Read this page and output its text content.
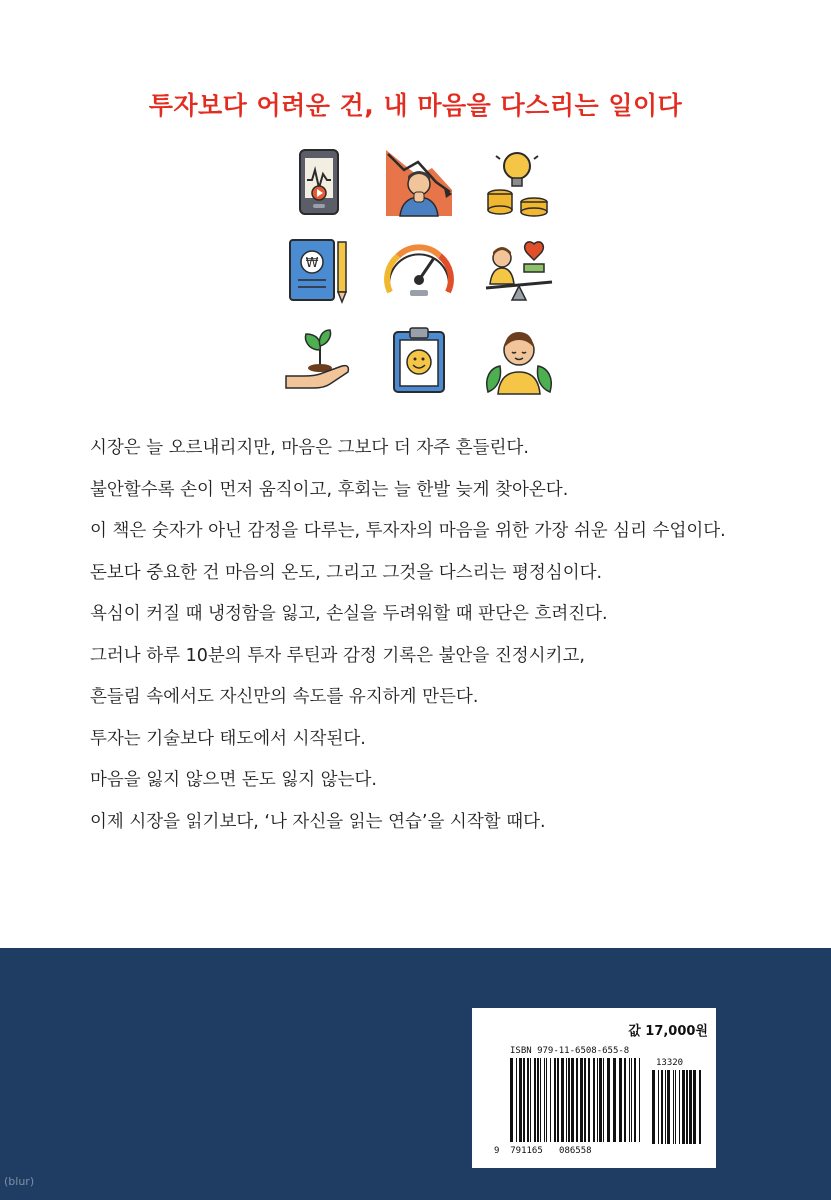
투자보다 어려운 건, 내 마음을 다스리는 일이다
₩
시장은 늘 오르내리지만, 마음은 그보다 더 자주 흔들린다.
불안할수록 손이 먼저 움직이고, 후회는 늘 한발 늦게 찾아온다.
이 책은 숫자가 아닌 감정을 다루는, 투자자의 마음을 위한 가장 쉬운 심리 수업이다.
돈보다 중요한 건 마음의 온도, 그리고 그것을 다스리는 평정심이다.
욕심이 커질 때 냉정함을 잃고, 손실을 두려워할 때 판단은 흐려진다.
그러나 하루 10분의 투자 루틴과 감정 기록은 불안을 진정시키고,
흔들림 속에서도 자신만의 속도를 유지하게 만든다.
투자는 기술보다 태도에서 시작된다.
마음을 잃지 않으면 돈도 잃지 않는다.
이제 시장을 읽기보다, ‘나 자신을 읽는 연습’을 시작할 때다.
값 17,000원
ISBN 979-11-6508-655-8
13320
9  791165   086558
(blur)
